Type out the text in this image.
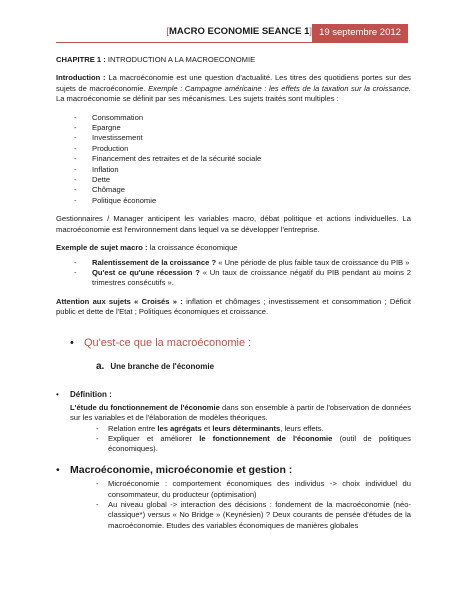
[MACRO ECONOMIE SEANCE 1] 19 septembre 2012

CHAPITRE 1 : INTRODUCTION A LA MACROECONOMIE

Introduction : La macroéconomie est une question d'actualité. Les titres des quotidiens portes sur des sujets de macroéconomie. Exemple : Campagne américaine : les effets de la taxation sur la croissance. La macroéconomie se définit par ses mécanismes. Les sujets traités sont multiples :

- Consommation
- Epargne
- Investissement
- Production
- Financement des retraites et de la sécurité sociale
- Inflation
- Dette
- Chômage
- Politique économie

Gestionnaires / Manager anticipent les variables macro, débat politique et actions individuelles. La macroéconomie est l'environnement dans lequel va se développer l'entreprise.

Exemple de sujet macro : la croissance économique

- Ralentissement de la croissance ? « Une période de plus faible taux de croissance du PIB »
- Qu'est ce qu'une récession ? « Un taux de croissance négatif du PIB pendant au moins 2 trimestres consécutifs ».

Attention aux sujets « Croisés » : inflation et chômages ; investissement et consommation ; Déficit public et dette de l'Etat ; Politiques économiques et croissance.

• Qu'est-ce que la macroéconomie :
a. Une branche de l'économie
• Définition :

L'étude du fonctionnement de l'économie dans son ensemble à partir de l'observation de données sur les variables et de l'élaboration de modèles théoriques.

- Relation entre les agrégats et leurs déterminants, leurs effets.
- Expliquer et améliorer le fonctionnement de l'économie (outil de politiques économiques).
• Macroéconomie, microéconomie et gestion :
- Microéconomie : comportement économiques des individus -> choix individuel du consommateur, du producteur (optimisation)
- Au niveau global -> interaction des décisions : fondement de la macroéconomie (néo-classique*) versus « No Bridge » (Keynésien) ? Deux courants de pensée d'études de la macroéconomie. Etudes des variables économiques de manières globales
